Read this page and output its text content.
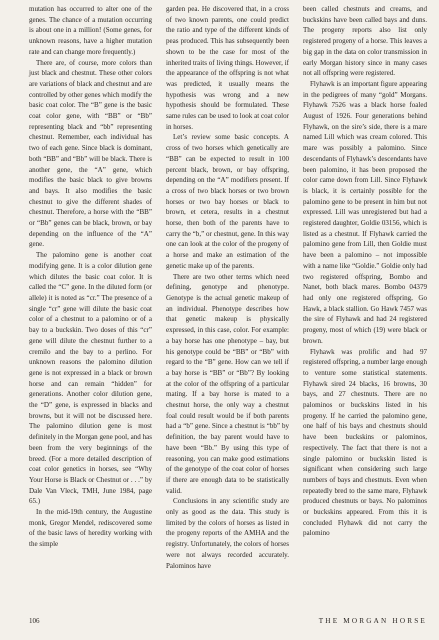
mutation has occurred to alter one of the genes. The chance of a mutation occurring is about one in a million! (Some genes, for unknown reasons, have a higher mutation rate and can change more frequently.)

There are, of course, more colors than just black and chestnut. These other colors are variations of black and chestnut and are controlled by other genes which modify the basic coat color. The “B” gene is the basic coat color gene, with “BB” or “Bb” representing black and “bb” representing chestnut. Remember, each individual has two of each gene. Since black is dominant, both “BB” and “Bb” will be black. There is another gene, the “A” gene, which modifies the basic black to give browns and bays. It also modifies the basic chestnut to give the different shades of chestnut. Therefore, a horse with the “BB” or “Bb” genes can be black, brown, or bay depending on the influence of the “A” gene.

The palomino gene is another coat modifying gene. It is a color dilution gene which dilutes the basic coat color. It is called the “C” gene. In the diluted form (or allele) it is noted as “cr.” The presence of a single “cr” gene will dilute the basic coat color of a chestnut to a palomino or of a bay to a buckskin. Two doses of this “cr” gene will dilute the chestnut further to a cremilo and the bay to a perlino. For unknown reasons the palomino dilution gene is not expressed in a black or brown horse and can remain “hidden” for generations. Another color dilution gene, the “D” gene, is expressed in blacks and browns, but it will not be discussed here. The palomino dilution gene is most definitely in the Morgan gene pool, and has been from the very beginnings of the breed. (For a more detailed description of coat color genetics in horses, see “Why Your Horse is Black or Chestnut or . . .” by Dale Van Vleck, TMH, June 1984, page 65.)

In the mid-19th century, the Augustine monk, Gregor Mendel, rediscovered some of the basic laws of heredity working with the simple

garden pea. He discovered that, in a cross of two known parents, one could predict the ratio and type of the different kinds of peas produced. This has subsequently been shown to be the case for most of the inherited traits of living things. However, if the appearance of the offspring is not what was predicted, it usually means the hypothesis was wrong and a new hypothesis should be formulated. These same rules can be used to look at coat color in horses.

Let’s review some basic concepts. A cross of two horses which genetically are “BB” can be expected to result in 100 percent black, brown, or bay offspring, depending on the “A” modifiers present. If a cross of two black horses or two brown horses or two bay horses or black to brown, et cetera, results in a chestnut horse, then both of the parents have to carry the “b,” or chestnut, gene. In this way one can look at the color of the progeny of a horse and make an estimation of the genetic make up of the parents.

There are two other terms which need defining, genotype and phenotype. Genotype is the actual genetic makeup of an individual. Phenotype describes how that genetic makeup is physically expressed, in this case, color. For example: a bay horse has one phenotype – bay, but his genotype could be “BB” or “Bb” with regard to the “B” gene. How can we tell if a bay horse is “BB” or “Bb”? By looking at the color of the offspring of a particular mating. If a bay horse is mated to a chestnut horse, the only way a chestnut foal could result would be if both parents had a “b” gene. Since a chestnut is “bb” by definition, the bay parent would have to have been “Bb.” By using this type of reasoning, you can make good estimations of the genotype of the coat color of horses if there are enough data to be statistically valid.

Conclusions in any scientific study are only as good as the data. This study is limited by the colors of horses as listed in the progeny reports of the AMHA and the registry. Unfortunately, the colors of horses were not always recorded accurately. Palominos have

been called chestnuts and creams, and buckskins have been called bays and duns. The progeny reports also list only registered progeny of a horse. This leaves a big gap in the data on color transmission in early Morgan history since in many cases not all offspring were registered.

Flyhawk is an important figure appearing in the pedigrees of many “gold” Morgans. Flyhawk 7526 was a black horse foaled August of 1926. Four generations behind Flyhawk, on the sire’s side, there is a mare named Lill which was cream colored. This mare was possibly a palomino. Since descendants of Flyhawk’s descendants have been palomino, it has been proposed the color came down from Lill. Since Flyhawk is black, it is certainly possible for the palomino gene to be present in him but not expressed. Lill was unregistered but had a registered daughter, Goldie 03156, which is listed as a chestnut. If Flyhawk carried the palomino gene from Lill, then Goldie must have been a palomino – not impossible with a name like “Goldie.” Goldie only had two registered offspring, Bombo and Nanet, both black mares. Bombo 04379 had only one registered offspring, Go Hawk, a black stallion. Go Hawk 7457 was the sire of Flyhawk and had 24 registered progeny, most of which (19) were black or brown.

Flyhawk was prolific and had 97 registered offspring, a number large enough to venture some statistical statements. Flyhawk sired 24 blacks, 16 browns, 30 bays, and 27 chestnuts. There are no palominos or buckskins listed in his progeny. If he carried the palomino gene, one half of his bays and chestnuts should have been buckskins or palominos, respectively. The fact that there is not a single palomino or buckskin listed is significant when considering such large numbers of bays and chestnuts. Even when repeatedly bred to the same mare, Flyhawk produced chestnuts or bays. No palominos or buckskins appeared. From this it is concluded Flyhawk did not carry the palomino

106	THE MORGAN HORSE
